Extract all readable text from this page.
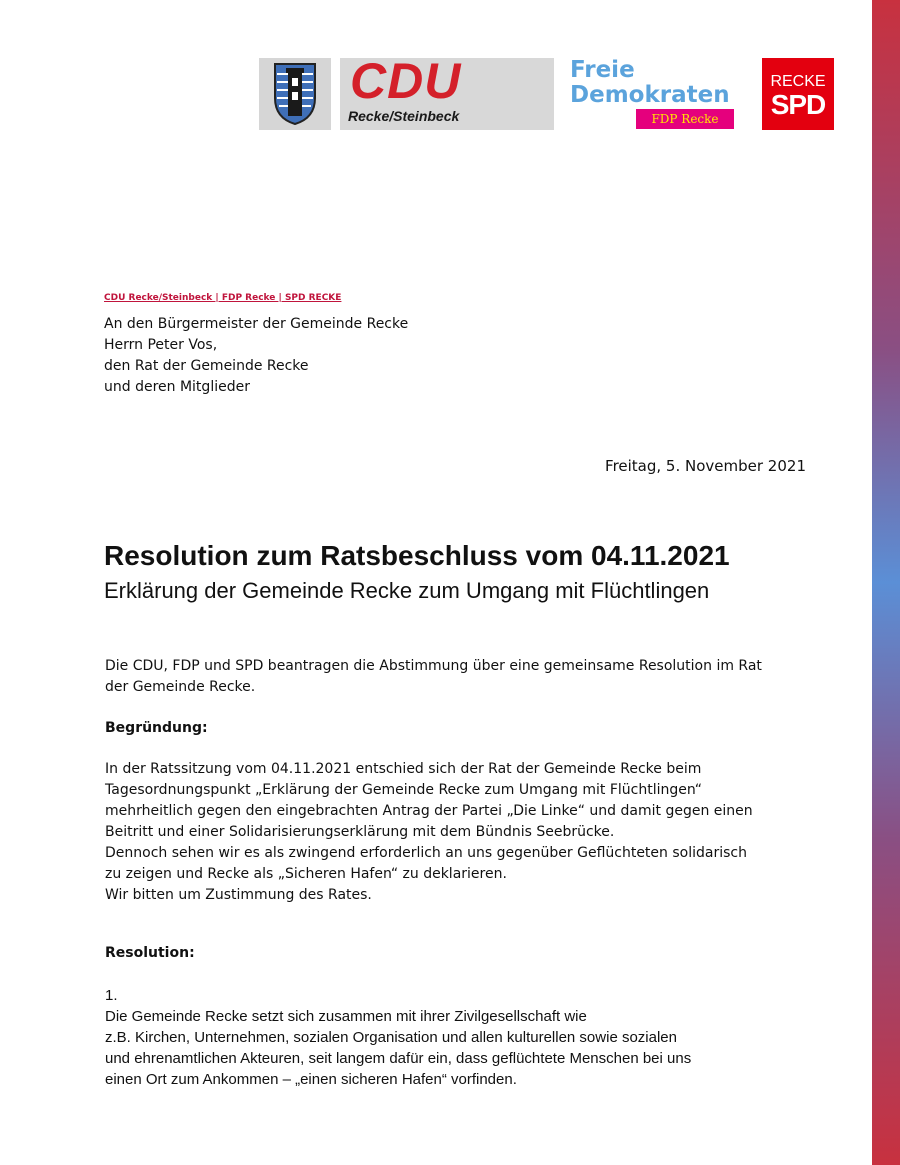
CDU
Recke/Steinbeck
Freie
Demokraten
FDP Recke
RECKE
SPD
CDU Recke/Steinbeck | FDP Recke | SPD RECKE
An den Bürgermeister der Gemeinde Recke
Herrn Peter Vos,
den Rat der Gemeinde Recke
und deren Mitglieder
Freitag, 5. November 2021
Resolution zum Ratsbeschluss vom 04.11.2021
Erklärung der Gemeinde Recke zum Umgang mit Flüchtlingen
Die CDU, FDP und SPD beantragen die Abstimmung über eine gemeinsame Resolution im Rat
der Gemeinde Recke.
Begründung:
In der Ratssitzung vom 04.11.2021 entschied sich der Rat der Gemeinde Recke beim
Tagesordnungspunkt „Erklärung der Gemeinde Recke zum Umgang mit Flüchtlingen“
mehrheitlich gegen den eingebrachten Antrag der Partei „Die Linke“ und damit gegen einen
Beitritt und einer Solidarisierungserklärung mit dem Bündnis Seebrücke.
Dennoch sehen wir es als zwingend erforderlich an uns gegenüber Geflüchteten solidarisch
zu zeigen und Recke als „Sicheren Hafen“ zu deklarieren.
Wir bitten um Zustimmung des Rates.
Resolution:
1.
Die Gemeinde Recke setzt sich zusammen mit ihrer Zivilgesellschaft wie
z.B. Kirchen, Unternehmen, sozialen Organisation und allen kulturellen sowie sozialen
und ehrenamtlichen Akteuren, seit langem dafür ein, dass geflüchtete Menschen bei uns
einen Ort zum Ankommen – „einen sicheren Hafen“ vorfinden.
